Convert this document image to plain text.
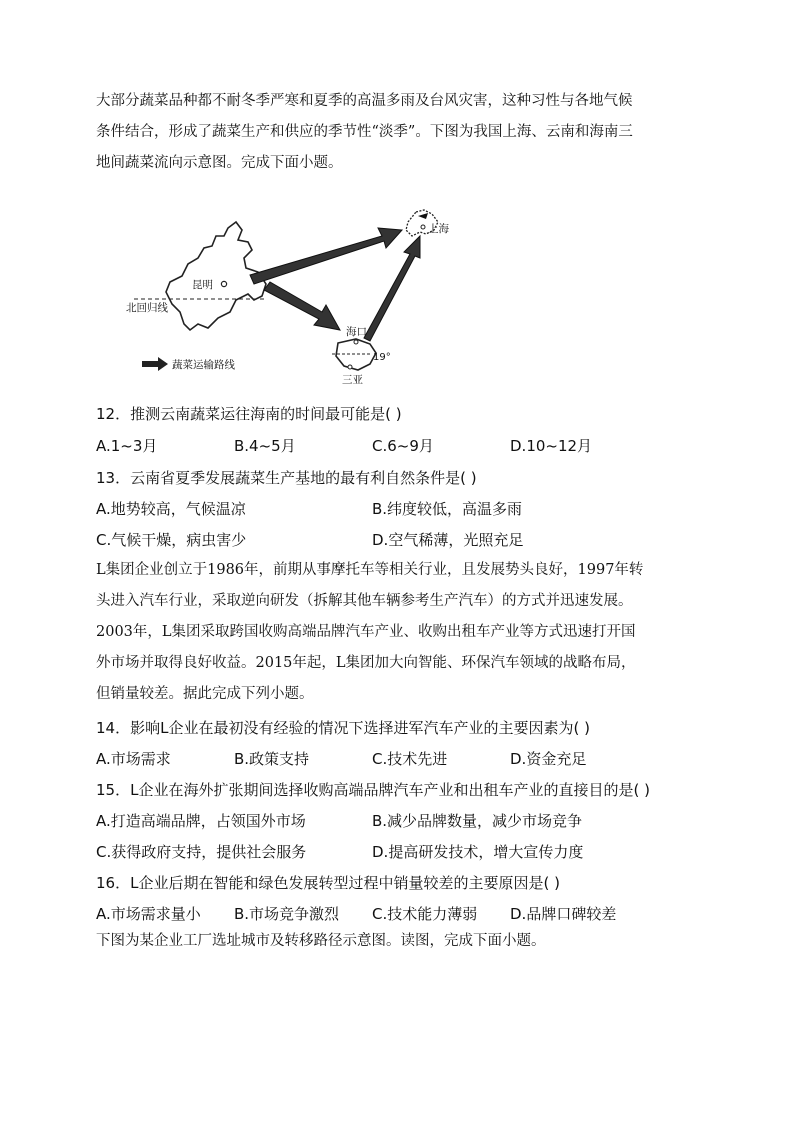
大部分蔬菜品种都不耐冬季严寒和夏季的高温多雨及台风灾害，这种习性与各地气候
条件结合，形成了蔬菜生产和供应的季节性“淡季”。下图为我国上海、云南和海南三
地间蔬菜流向示意图。完成下面小题。
昆明
北回归线
上海
19°
海口
三亚
蔬菜运输路线
12．推测云南蔬菜运往海南的时间最可能是( )
A.1~3月	B.4~5月	C.6~9月	D.10~12月
13．云南省夏季发展蔬菜生产基地的最有利自然条件是( )
A.地势较高，气候温凉	B.纬度较低，高温多雨
C.气候干燥，病虫害少	D.空气稀薄，光照充足
L集团企业创立于1986年，前期从事摩托车等相关行业，且发展势头良好，1997年转
头进入汽车行业，采取逆向研发（拆解其他车辆参考生产汽车）的方式并迅速发展。
2003年，L集团采取跨国收购高端品牌汽车产业、收购出租车产业等方式迅速打开国
外市场并取得良好收益。2015年起，L集团加大向智能、环保汽车领域的战略布局，
但销量较差。据此完成下列小题。
14．影响L企业在最初没有经验的情况下选择进军汽车产业的主要因素为( )
A.市场需求	B.政策支持	C.技术先进	D.资金充足
15．L企业在海外扩张期间选择收购高端品牌汽车产业和出租车产业的直接目的是( )
A.打造高端品牌，占领国外市场	B.减少品牌数量，减少市场竞争
C.获得政府支持，提供社会服务	D.提高研发技术，增大宣传力度
16．L企业后期在智能和绿色发展转型过程中销量较差的主要原因是( )
A.市场需求量小 B.市场竞争激烈 C.技术能力薄弱 D.品牌口碑较差
下图为某企业工厂选址城市及转移路径示意图。读图，完成下面小题。
